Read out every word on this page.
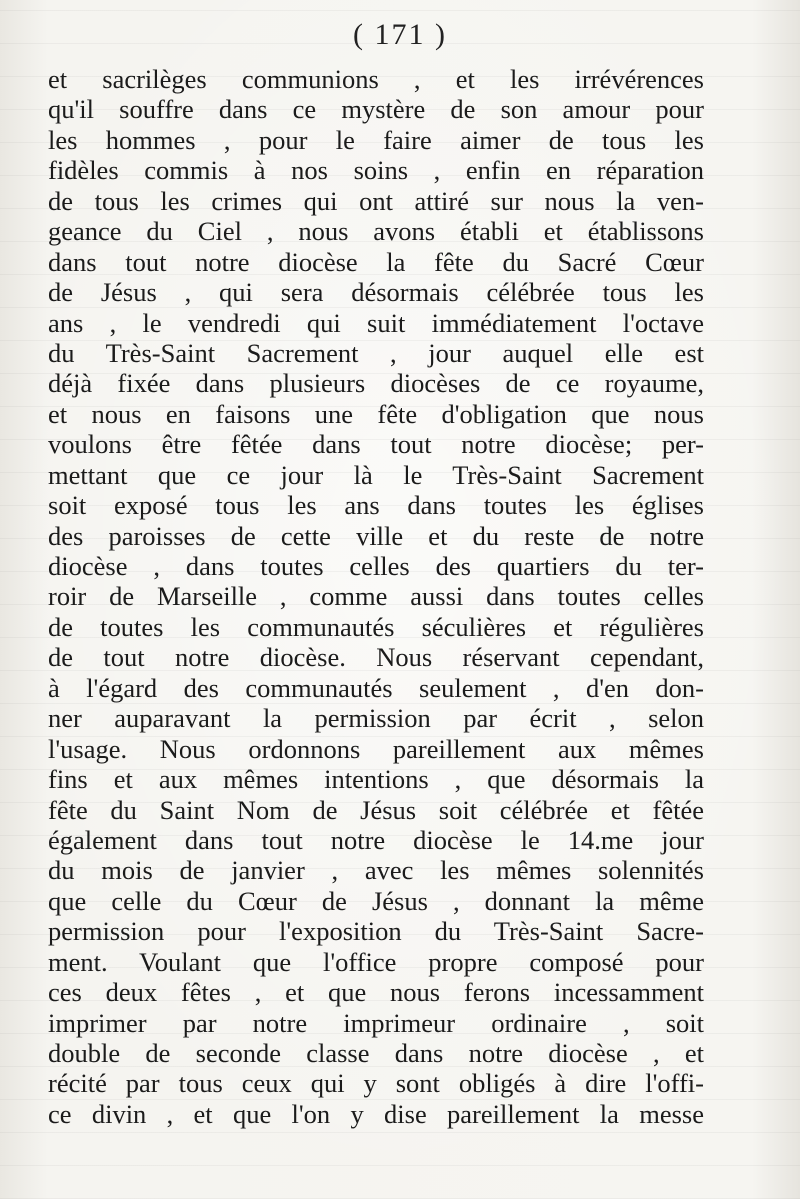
( 171 )
et sacrilèges communions , et les irrévérences
qu'il souffre dans ce mystère de son amour pour
les hommes , pour le faire aimer de tous les
fidèles commis à nos soins , enfin en réparation
de tous les crimes qui ont attiré sur nous la ven-
geance du Ciel , nous avons établi et établissons
dans tout notre diocèse la fête du Sacré Cœur
de Jésus , qui sera désormais célébrée tous les
ans , le vendredi qui suit immédiatement l'octave
du Très-Saint Sacrement , jour auquel elle est
déjà fixée dans plusieurs diocèses de ce royaume,
et nous en faisons une fête d'obligation que nous
voulons être fêtée dans tout notre diocèse; per-
mettant que ce jour là le Très-Saint Sacrement
soit exposé tous les ans dans toutes les églises
des paroisses de cette ville et du reste de notre
diocèse , dans toutes celles des quartiers du ter-
roir de Marseille , comme aussi dans toutes celles
de toutes les communautés séculières et régulières
de tout notre diocèse. Nous réservant cependant,
à l'égard des communautés seulement , d'en don-
ner auparavant la permission par écrit , selon
l'usage. Nous ordonnons pareillement aux mêmes
fins et aux mêmes intentions , que désormais la
fête du Saint Nom de Jésus soit célébrée et fêtée
également dans tout notre diocèse le 14.me jour
du mois de janvier , avec les mêmes solennités
que celle du Cœur de Jésus , donnant la même
permission pour l'exposition du Très-Saint Sacre-
ment. Voulant que l'office propre composé pour
ces deux fêtes , et que nous ferons incessamment
imprimer par notre imprimeur ordinaire , soit
double de seconde classe dans notre diocèse , et
récité par tous ceux qui y sont obligés à dire l'offi-
ce divin , et que l'on y dise pareillement la messe
